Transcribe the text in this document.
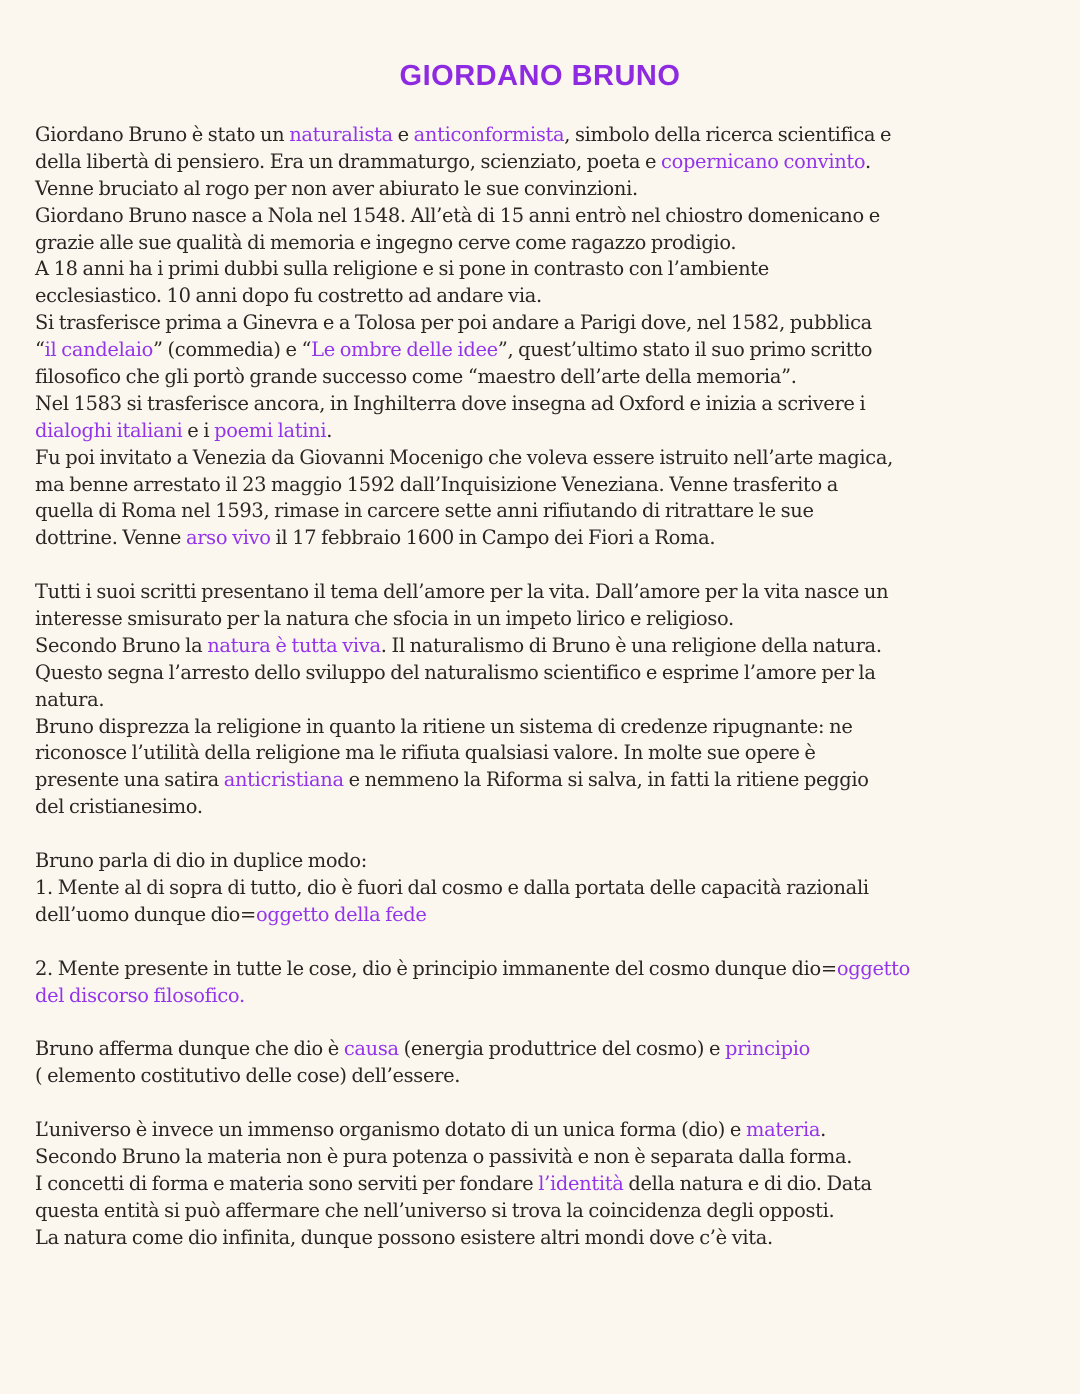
GIORDANO BRUNO
Giordano Bruno è stato un naturalista e anticonformista, simbolo della ricerca scientifica e
della libertà di pensiero. Era un drammaturgo, scienziato, poeta e copernicano convinto.
Venne bruciato al rogo per non aver abiurato le sue convinzioni.
Giordano Bruno nasce a Nola nel 1548. All’età di 15 anni entrò nel chiostro domenicano e
grazie alle sue qualità di memoria e ingegno cerve come ragazzo prodigio.
A 18 anni ha i primi dubbi sulla religione e si pone in contrasto con l’ambiente
ecclesiastico. 10 anni dopo fu costretto ad andare via.
Si trasferisce prima a Ginevra e a Tolosa per poi andare a Parigi dove, nel 1582, pubblica
“il candelaio” (commedia) e “Le ombre delle idee”, quest’ultimo stato il suo primo scritto
filosofico che gli portò grande successo come “maestro dell’arte della memoria”.
Nel 1583 si trasferisce ancora, in Inghilterra dove insegna ad Oxford e inizia a scrivere i
dialoghi italiani e i poemi latini.
Fu poi invitato a Venezia da Giovanni Mocenigo che voleva essere istruito nell’arte magica,
ma benne arrestato il 23 maggio 1592 dall’Inquisizione Veneziana. Venne trasferito a
quella di Roma nel 1593, rimase in carcere sette anni rifiutando di ritrattare le sue
dottrine. Venne arso vivo il 17 febbraio 1600 in Campo dei Fiori a Roma.
Tutti i suoi scritti presentano il tema dell’amore per la vita. Dall’amore per la vita nasce un
interesse smisurato per la natura che sfocia in un impeto lirico e religioso.
Secondo Bruno la natura è tutta viva. Il naturalismo di Bruno è una religione della natura.
Questo segna l’arresto dello sviluppo del naturalismo scientifico e esprime l’amore per la
natura.
Bruno disprezza la religione in quanto la ritiene un sistema di credenze ripugnante: ne
riconosce l’utilità della religione ma le rifiuta qualsiasi valore. In molte sue opere è
presente una satira anticristiana e nemmeno la Riforma si salva, in fatti la ritiene peggio
del cristianesimo.
Bruno parla di dio in duplice modo:
1. Mente al di sopra di tutto, dio è fuori dal cosmo e dalla portata delle capacità razionali
dell’uomo dunque dio=oggetto della fede
2. Mente presente in tutte le cose, dio è principio immanente del cosmo dunque dio=oggetto
del discorso filosofico.
Bruno afferma dunque che dio è causa (energia produttrice del cosmo) e principio
( elemento costitutivo delle cose) dell’essere.
L’universo è invece un immenso organismo dotato di un unica forma (dio) e materia.
Secondo Bruno la materia non è pura potenza o passività e non è separata dalla forma.
I concetti di forma e materia sono serviti per fondare l’identità della natura e di dio. Data
questa entità si può affermare che nell’universo si trova la coincidenza degli opposti.
La natura come dio infinita, dunque possono esistere altri mondi dove c’è vita.
